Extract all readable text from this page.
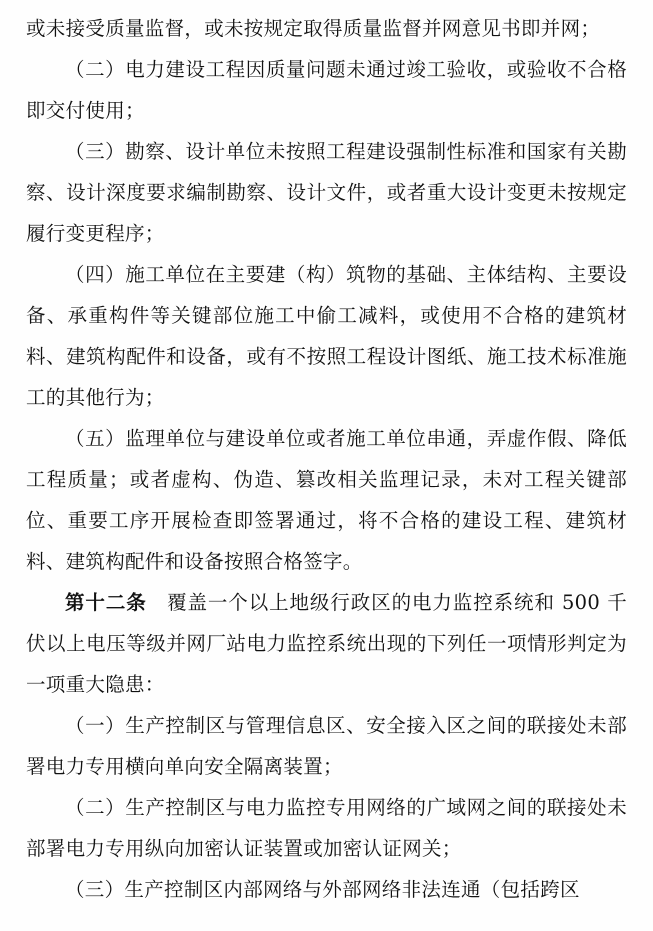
或未接受质量监督，或未按规定取得质量监督并网意见书即并网；

（二）电力建设工程因质量问题未通过竣工验收，或验收不合格即交付使用；

（三）勘察、设计单位未按照工程建设强制性标准和国家有关勘察、设计深度要求编制勘察、设计文件，或者重大设计变更未按规定履行变更程序；

（四）施工单位在主要建（构）筑物的基础、主体结构、主要设备、承重构件等关键部位施工中偷工减料，或使用不合格的建筑材料、建筑构配件和设备，或有不按照工程设计图纸、施工技术标准施工的其他行为；

（五）监理单位与建设单位或者施工单位串通，弄虚作假、降低工程质量；或者虚构、伪造、篡改相关监理记录，未对工程关键部位、重要工序开展检查即签署通过，将不合格的建设工程、建筑材料、建筑构配件和设备按照合格签字。

第十二条　 覆盖一个以上地级行政区的电力监控系统和 500 千伏以上电压等级并网厂站电力监控系统出现的下列任一项情形判定为一项重大隐患：

（一）生产控制区与管理信息区、安全接入区之间的联接处未部署电力专用横向单向安全隔离装置；

（二）生产控制区与电力监控专用网络的广域网之间的联接处未部署电力专用纵向加密认证装置或加密认证网关；

（三）生产控制区内部网络与外部网络非法连通（包括跨区
